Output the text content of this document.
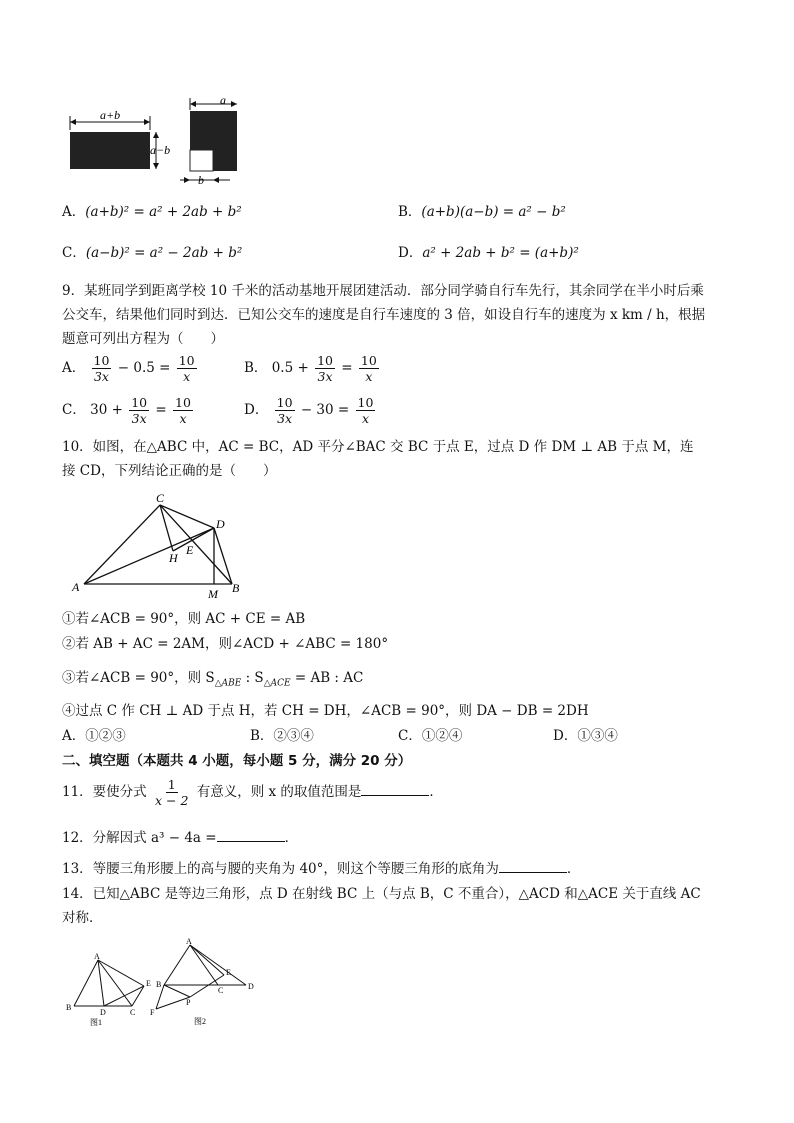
a+b
a−b
a
b
A．(a+b)² = a² + 2ab + b²	B．(a+b)(a−b) = a² − b²
C．(a−b)² = a² − 2ab + b²	D．a² + 2ab + b² = (a+b)²
9．某班同学到距离学校 10 千米的活动基地开展团建活动．部分同学骑自行车先行，其余同学在半小时后乘
公交车，结果他们同时到达．已知公交车的速度是自行车速度的 3 倍，如设自行车的速度为 x km / h，根据
题意可列出方程为（　　）
A． $\frac{10}{3x} - 0.5 = \frac{10}{x}$	B． $0.5 + \frac{10}{3x} = \frac{10}{x}$
C． $30 + \frac{10}{3x} = \frac{10}{x}$	D． $\frac{10}{3x} - 30 = \frac{10}{x}$
10．如图，在△ABC 中，AC = BC，AD 平分∠BAC 交 BC 于点 E，过点 D 作 DM ⊥ AB 于点 M，连
接 CD，下列结论正确的是（　　）
C
D
E
H
A	B
M
①若∠ACB = 90°，则 AC + CE = AB
②若 AB + AC = 2AM，则∠ACD + ∠ABC = 180°
③若∠ACB = 90°，则 $S_{\triangle ABE}$ : $S_{\triangle ACE}$ = AB : AC
④过点 C 作 CH ⊥ AD 于点 H，若 CH = DH，∠ACB = 90°，则 DA − DB = 2DH
A．①②③	B．②③④	C．①②④	D．①③④
二、填空题（本题共 4 小题，每小题 5 分，满分 20 分）
11．要使分式 $\frac{1}{x - 2}$ 有意义，则 x 的取值范围是	．
12．分解因式 a³ − 4a =	．
13．等腰三角形腰上的高与腰的夹角为 40°，则这个等腰三角形的底角为	．
14．已知△ABC 是等边三角形，点 D 在射线 BC 上（与点 B，C 不重合），△ACD 和△ACE 关于直线 AC
对称．
A
B
D	C
E
图1
A
B
C	D
E
F
P
图2
